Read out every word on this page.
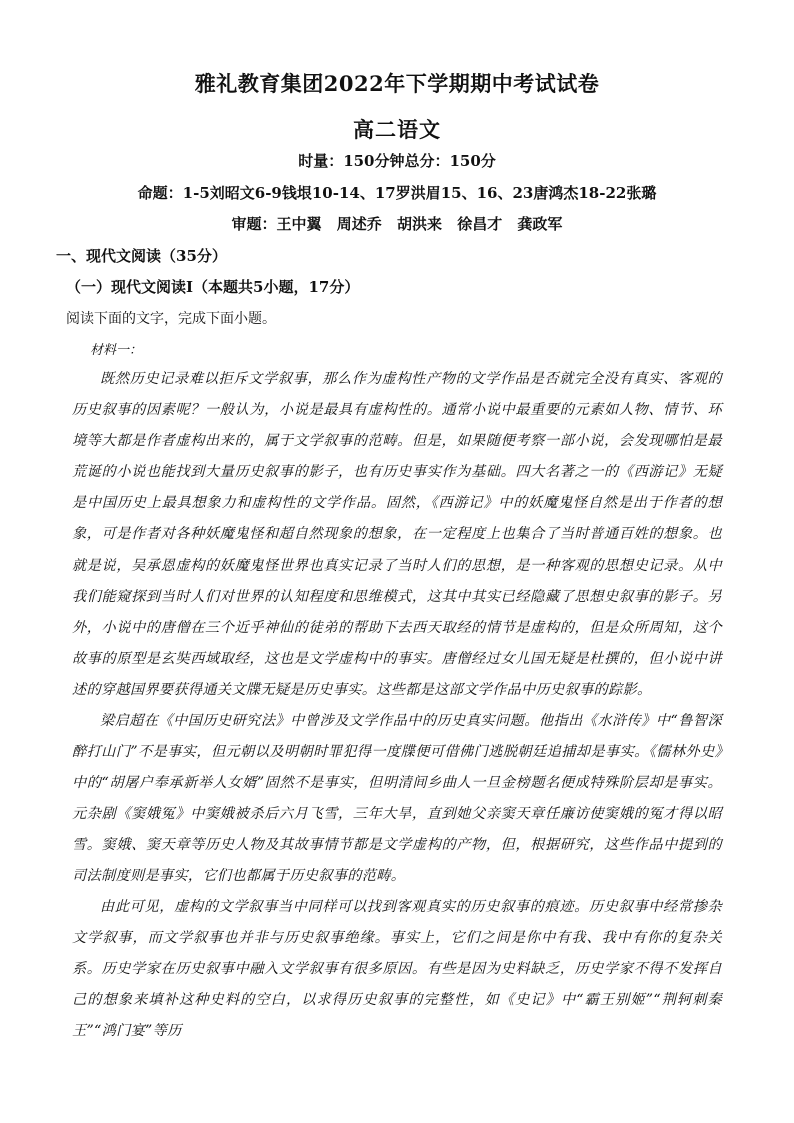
雅礼教育集团2022年下学期期中考试试卷
高二语文
时量：150分钟总分：150分
命题：1-5刘昭文6-9钱垠10-14、17罗洪眉15、16、23唐鸿杰18-22张璐
审题：王中翼 周述乔 胡洪来 徐昌才 龚政军
一、现代文阅读（35分）
（一）现代文阅读Ⅰ（本题共5小题，17分）
阅读下面的文字，完成下面小题。
材料一：
既然历史记录难以拒斥文学叙事，那么作为虚构性产物的文学作品是否就完全没有真实、客观的历史叙事的因素呢？一般认为，小说是最具有虚构性的。通常小说中最重要的元素如人物、情节、环境等大都是作者虚构出来的，属于文学叙事的范畴。但是，如果随便考察一部小说，会发现哪怕是最荒诞的小说也能找到大量历史叙事的影子，也有历史事实作为基础。四大名著之一的《西游记》无疑是中国历史上最具想象力和虚构性的文学作品。固然，《西游记》中的妖魔鬼怪自然是出于作者的想象，可是作者对各种妖魔鬼怪和超自然现象的想象，在一定程度上也集合了当时普通百姓的想象。也就是说，吴承恩虚构的妖魔鬼怪世界也真实记录了当时人们的思想，是一种客观的思想史记录。从中我们能窥探到当时人们对世界的认知程度和思维模式，这其中其实已经隐藏了思想史叙事的影子。另外，小说中的唐僧在三个近乎神仙的徒弟的帮助下去西天取经的情节是虚构的，但是众所周知，这个故事的原型是玄奘西域取经，这也是文学虚构中的事实。唐僧经过女儿国无疑是杜撰的，但小说中讲述的穿越国界要获得通关文牒无疑是历史事实。这些都是这部文学作品中历史叙事的踪影。
梁启超在《中国历史研究法》中曾涉及文学作品中的历史真实问题。他指出《水浒传》中“鲁智深醉打山门”不是事实，但元朝以及明朝时罪犯得一度牒便可借佛门逃脱朝廷追捕却是事实。《儒林外史》中的“胡屠户奉承新举人女婿”固然不是事实，但明清间乡曲人一旦金榜题名便成特殊阶层却是事实。元杂剧《窦娥冤》中窦娥被杀后六月飞雪，三年大旱，直到她父亲窦天章任廉访使窦娥的冤才得以昭雪。窦娥、窦天章等历史人物及其故事情节都是文学虚构的产物，但，根据研究，这些作品中提到的司法制度则是事实，它们也都属于历史叙事的范畴。
由此可见，虚构的文学叙事当中同样可以找到客观真实的历史叙事的痕迹。历史叙事中经常掺杂文学叙事，而文学叙事也并非与历史叙事绝缘。事实上，它们之间是你中有我、我中有你的复杂关系。历史学家在历史叙事中融入文学叙事有很多原因。有些是因为史料缺乏，历史学家不得不发挥自己的想象来填补这种史料的空白，以求得历史叙事的完整性，如《史记》中“霸王别姬”“荆轲刺秦王”“鸿门宴”等历
